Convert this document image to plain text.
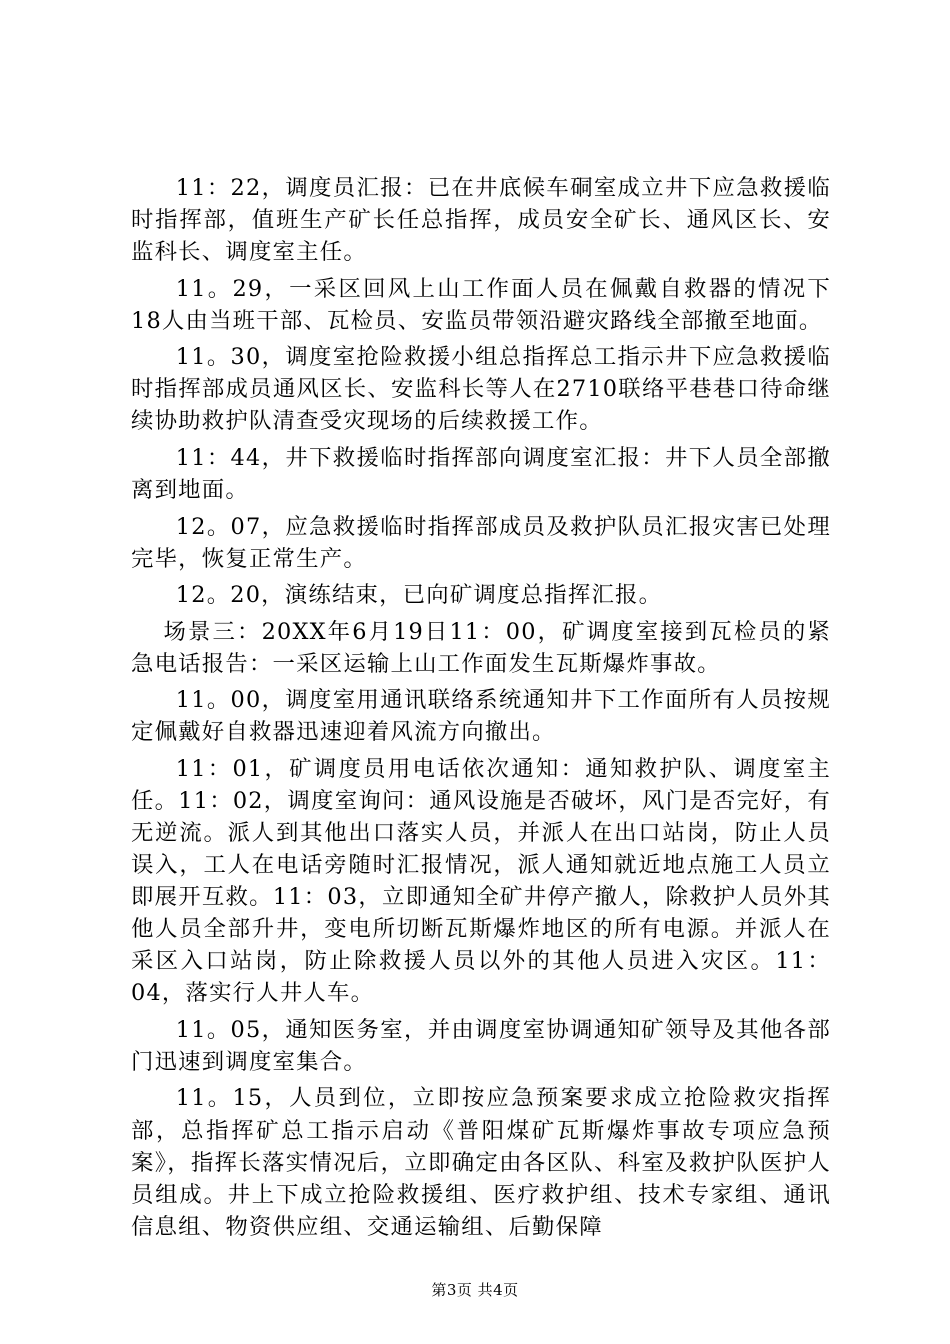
11：22，调度员汇报：已在井底候车硐室成立井下应急救援临时指挥部，值班生产矿长任总指挥，成员安全矿长、通风区长、安监科长、调度室主任。

11。29，一采区回风上山工作面人员在佩戴自救器的情况下18人由当班干部、瓦检员、安监员带领沿避灾路线全部撤至地面。

11。30，调度室抢险救援小组总指挥总工指示井下应急救援临时指挥部成员通风区长、安监科长等人在2710联络平巷巷口待命继续协助救护队清查受灾现场的后续救援工作。

11：44，井下救援临时指挥部向调度室汇报：井下人员全部撤离到地面。

12。07，应急救援临时指挥部成员及救护队员汇报灾害已处理完毕，恢复正常生产。

12。20，演练结束，已向矿调度总指挥汇报。

场景三：20XX年6月19日11：00，矿调度室接到瓦检员的紧急电话报告：一采区运输上山工作面发生瓦斯爆炸事故。

11。00，调度室用通讯联络系统通知井下工作面所有人员按规定佩戴好自救器迅速迎着风流方向撤出。

11：01，矿调度员用电话依次通知：通知救护队、调度室主任。11：02，调度室询问：通风设施是否破坏，风门是否完好，有无逆流。派人到其他出口落实人员，并派人在出口站岗，防止人员误入，工人在电话旁随时汇报情况，派人通知就近地点施工人员立即展开互救。11：03，立即通知全矿井停产撤人，除救护人员外其他人员全部升井，变电所切断瓦斯爆炸地区的所有电源。并派人在采区入口站岗，防止除救援人员以外的其他人员进入灾区。11：04，落实行人井人车。

11。05，通知医务室，并由调度室协调通知矿领导及其他各部门迅速到调度室集合。

11。15，人员到位，立即按应急预案要求成立抢险救灾指挥部，总指挥矿总工指示启动《普阳煤矿瓦斯爆炸事故专项应急预案》，指挥长落实情况后，立即确定由各区队、科室及救护队医护人员组成。井上下成立抢险救援组、医疗救护组、技术专家组、通讯信息组、物资供应组、交通运输组、后勤保障

第3页 共4页
